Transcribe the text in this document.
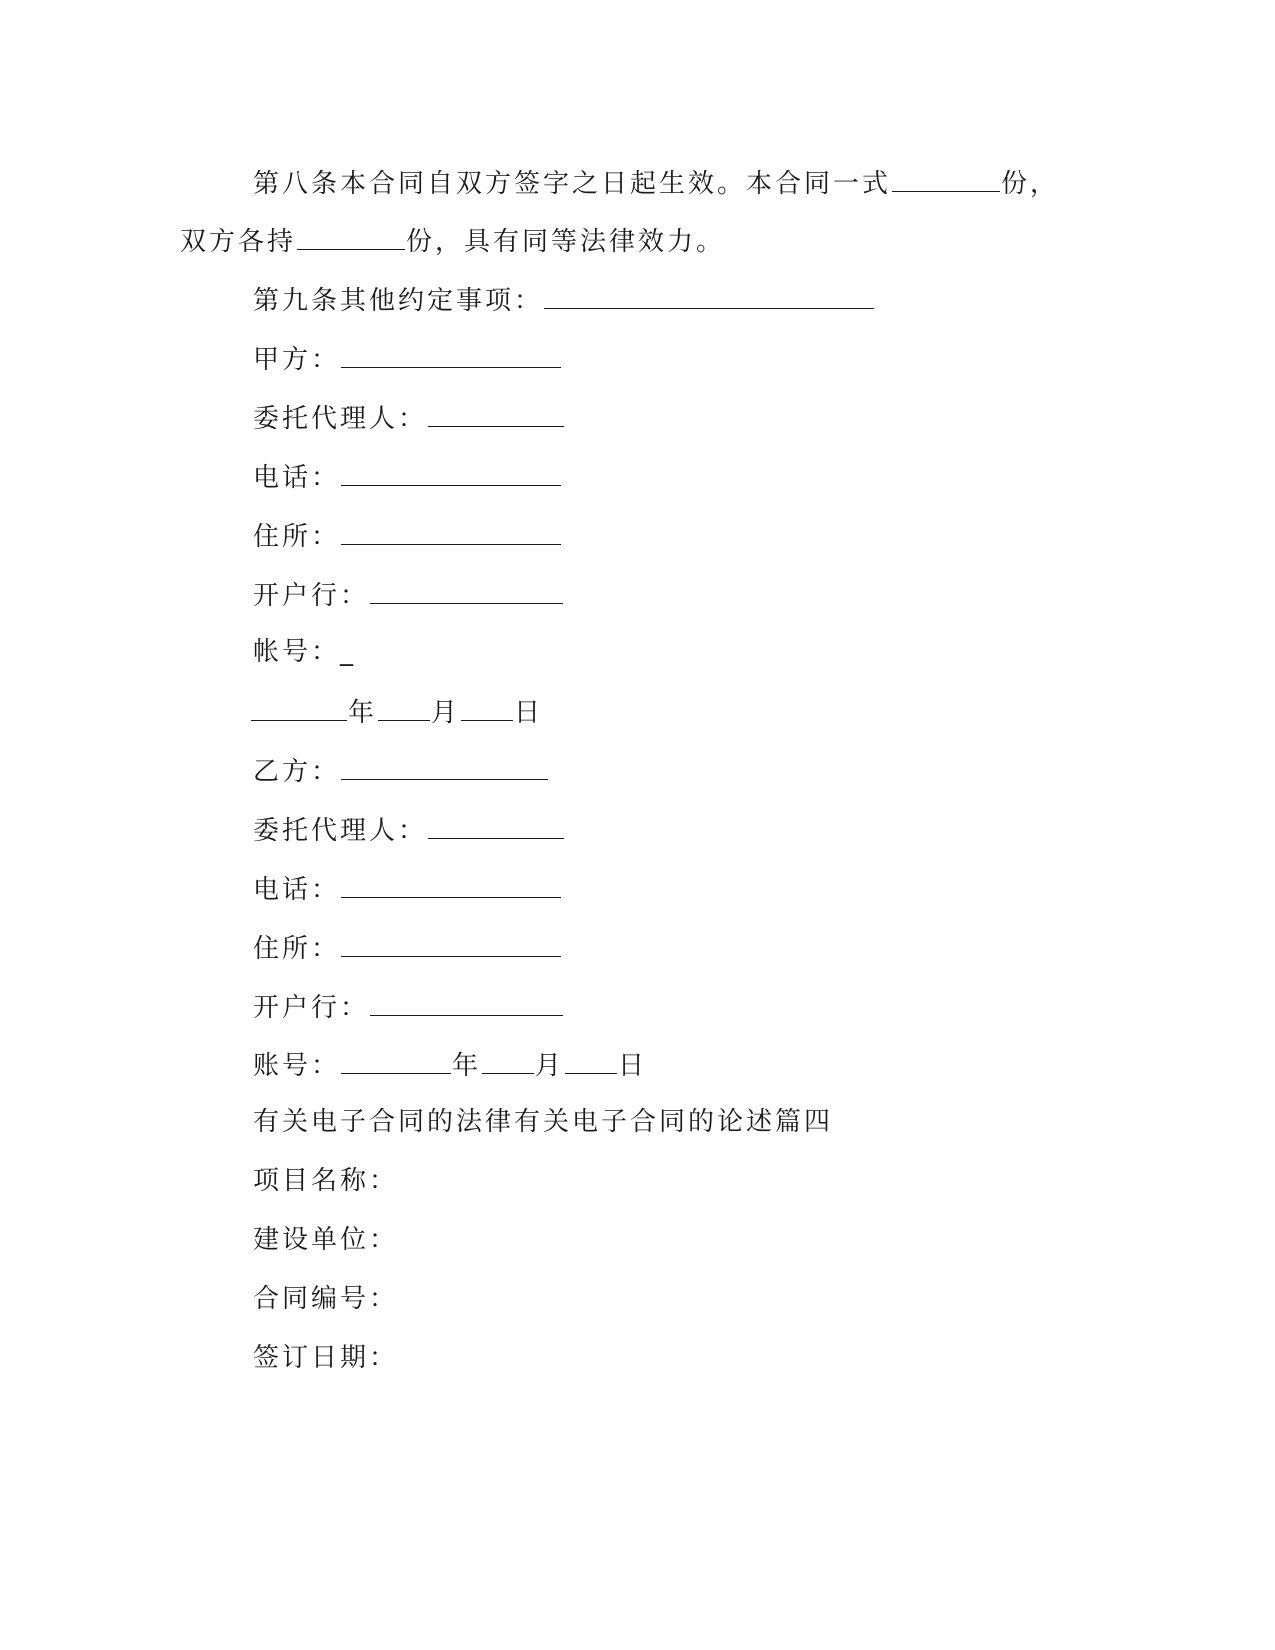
第八条本合同自双方签字之日起生效。本合同一式	份，
双方各持	份，具有同等法律效力。
第九条其他约定事项：
甲方：
委托代理人：
电话：
住所：
开户行：
帐号：_
年 月 日
乙方：
委托代理人：
电话：
住所：
开户行：
账号：	年 月 日
有关电子合同的法律有关电子合同的论述篇四
项目名称：
建设单位：
合同编号：
签订日期：
